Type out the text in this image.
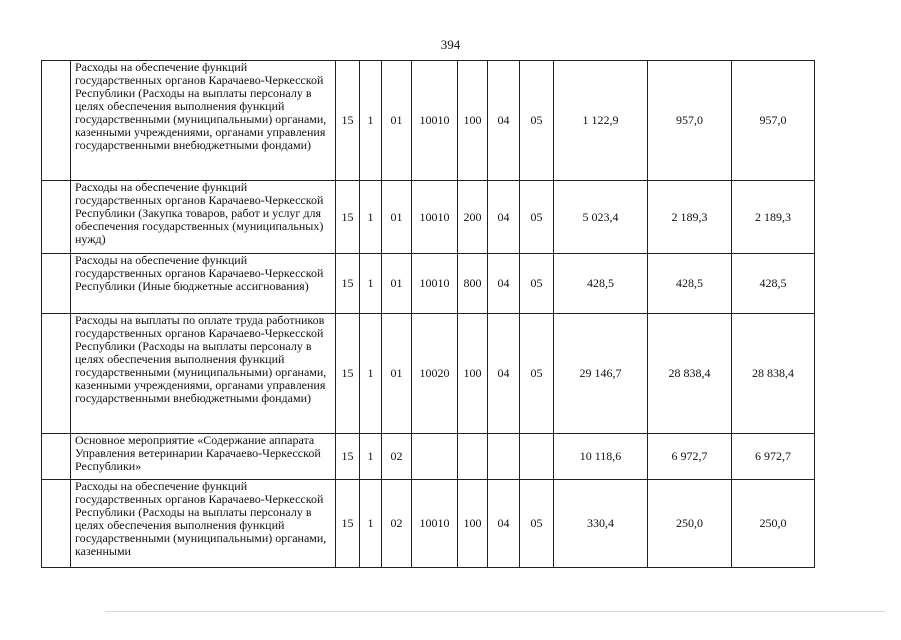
394
	Расходы на обеспечение функций государственных органов Карачаево-Черкесской Республики (Расходы на выплаты персоналу в целях обеспечения выполнения функций государственными (муниципальными) органами, казенными учреждениями, органами управления государственными внебюджетными фондами)	15	1	01	10010	100	04	05	1 122,9	957,0	957,0
	Расходы на обеспечение функций государственных органов Карачаево-Черкесской Республики (Закупка товаров, работ и услуг для обеспечения государственных (муниципальных) нужд)	15	1	01	10010	200	04	05	5 023,4	2 189,3	2 189,3
	Расходы на обеспечение функций государственных органов Карачаево-Черкесской Республики (Иные бюджетные ассигнования)	15	1	01	10010	800	04	05	428,5	428,5	428,5
	Расходы на выплаты по оплате труда работников государственных органов Карачаево-Черкесской Республики (Расходы на выплаты персоналу в целях обеспечения выполнения функций государственными (муниципальными) органами, казенными учреждениями, органами управления государственными внебюджетными фондами)	15	1	01	10020	100	04	05	29 146,7	28 838,4	28 838,4
	Основное мероприятие «Содержание аппарата Управления ветеринарии Карачаево-Черкесской Республики»	15	1	02					10 118,6	6 972,7	6 972,7
	Расходы на обеспечение функций государственных органов Карачаево-Черкесской Республики (Расходы на выплаты персоналу в целях обеспечения выполнения функций государственными (муниципальными) органами, казенными	15	1	02	10010	100	04	05	330,4	250,0	250,0
